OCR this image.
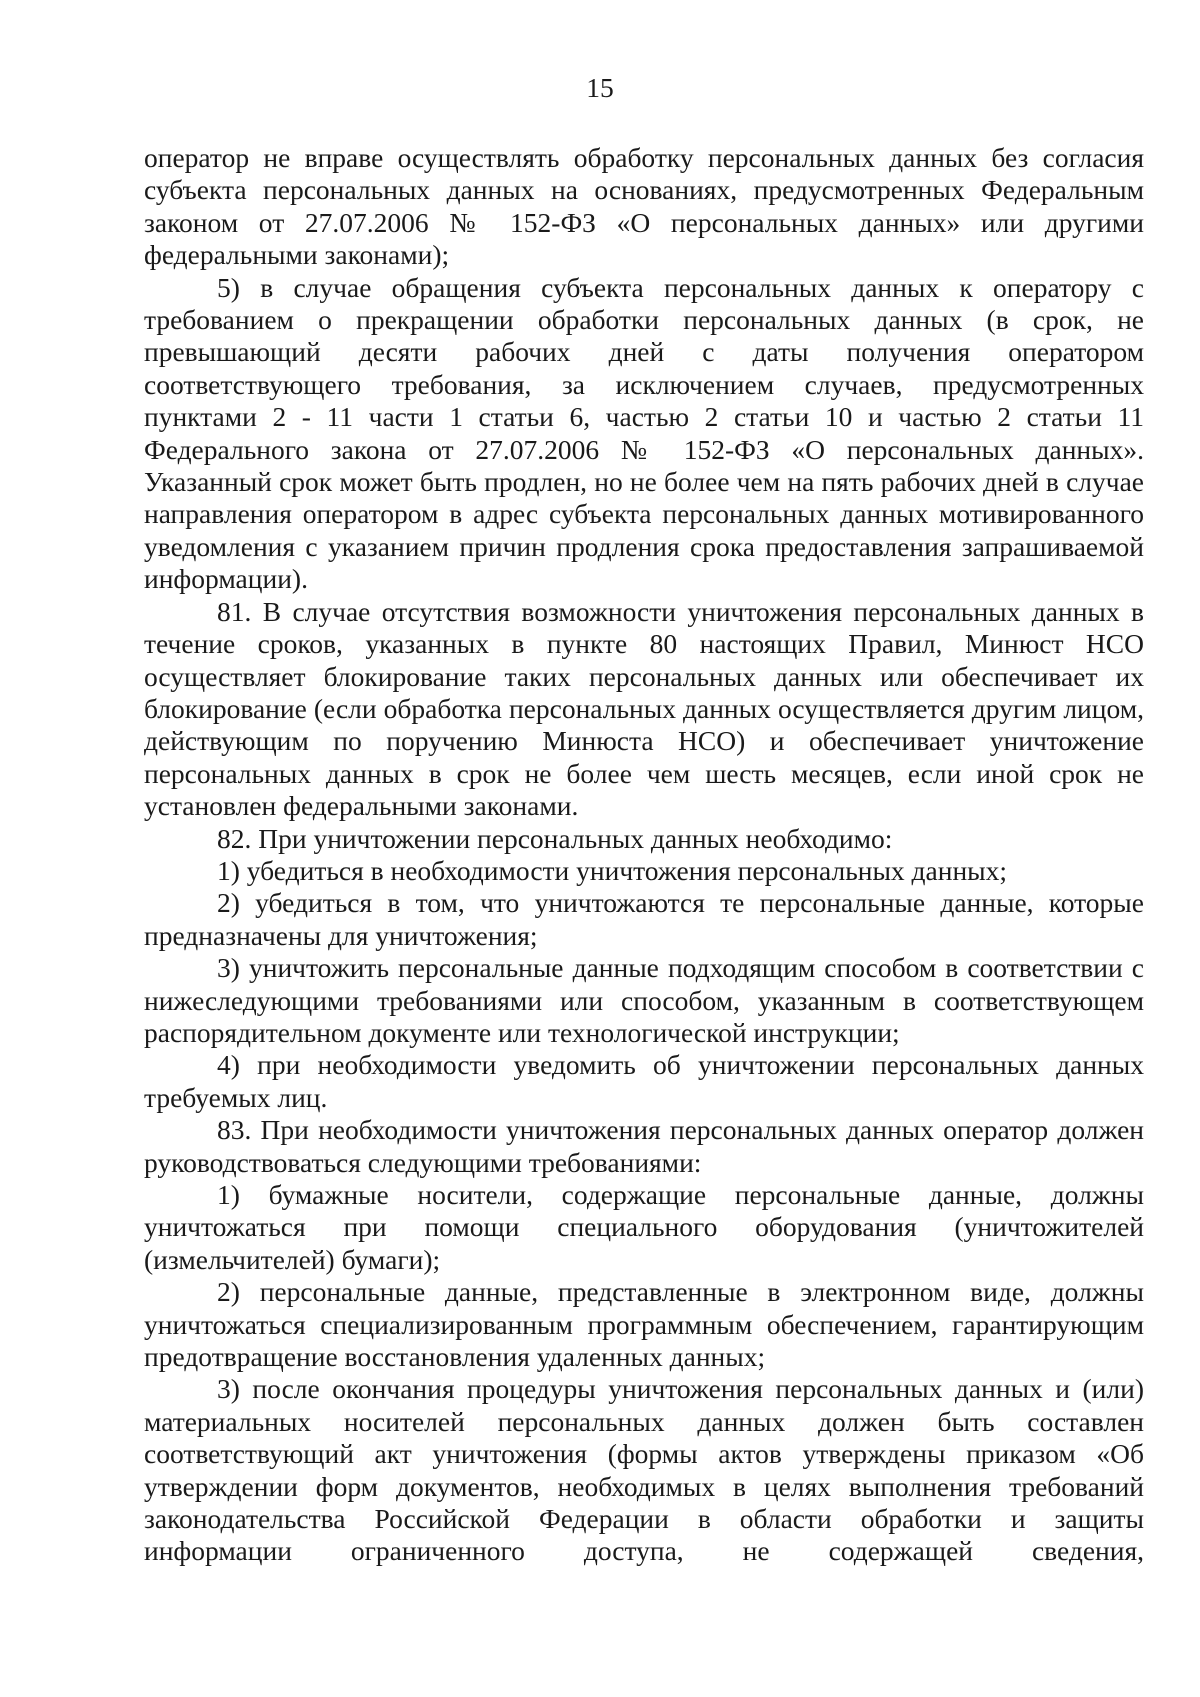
15

оператор не вправе осуществлять обработку персональных данных без согласия субъекта персональных данных на основаниях, предусмотренных Федеральным законом от 27.07.2006 № 152-ФЗ «О персональных данных» или другими федеральными законами);

5) в случае обращения субъекта персональных данных к оператору с требованием о прекращении обработки персональных данных (в срок, не превышающий десяти рабочих дней с даты получения оператором соответствующего требования, за исключением случаев, предусмотренных пунктами 2 - 11 части 1 статьи 6, частью 2 статьи 10 и частью 2 статьи 11 Федерального закона от 27.07.2006 № 152-ФЗ «О персональных данных». Указанный срок может быть продлен, но не более чем на пять рабочих дней в случае направления оператором в адрес субъекта персональных данных мотивированного уведомления с указанием причин продления срока предоставления запрашиваемой информации).

81. В случае отсутствия возможности уничтожения персональных данных в течение сроков, указанных в пункте 80 настоящих Правил, Минюст НСО осуществляет блокирование таких персональных данных или обеспечивает их блокирование (если обработка персональных данных осуществляется другим лицом, действующим по поручению Минюста НСО) и обеспечивает уничтожение персональных данных в срок не более чем шесть месяцев, если иной срок не установлен федеральными законами.

82. При уничтожении персональных данных необходимо:

1) убедиться в необходимости уничтожения персональных данных;

2) убедиться в том, что уничтожаются те персональные данные, которые предназначены для уничтожения;

3) уничтожить персональные данные подходящим способом в соответствии с нижеследующими требованиями или способом, указанным в соответствующем распорядительном документе или технологической инструкции;

4) при необходимости уведомить об уничтожении персональных данных требуемых лиц.

83. При необходимости уничтожения персональных данных оператор должен руководствоваться следующими требованиями:

1) бумажные носители, содержащие персональные данные, должны уничтожаться при помощи специального оборудования (уничтожителей (измельчителей) бумаги);

2) персональные данные, представленные в электронном виде, должны уничтожаться специализированным программным обеспечением, гарантирующим предотвращение восстановления удаленных данных;

3) после окончания процедуры уничтожения персональных данных и (или) материальных носителей персональных данных должен быть составлен соответствующий акт уничтожения (формы актов утверждены приказом «Об утверждении форм документов, необходимых в целях выполнения требований законодательства Российской Федерации в области обработки и защиты информации ограниченного доступа, не содержащей сведения,
